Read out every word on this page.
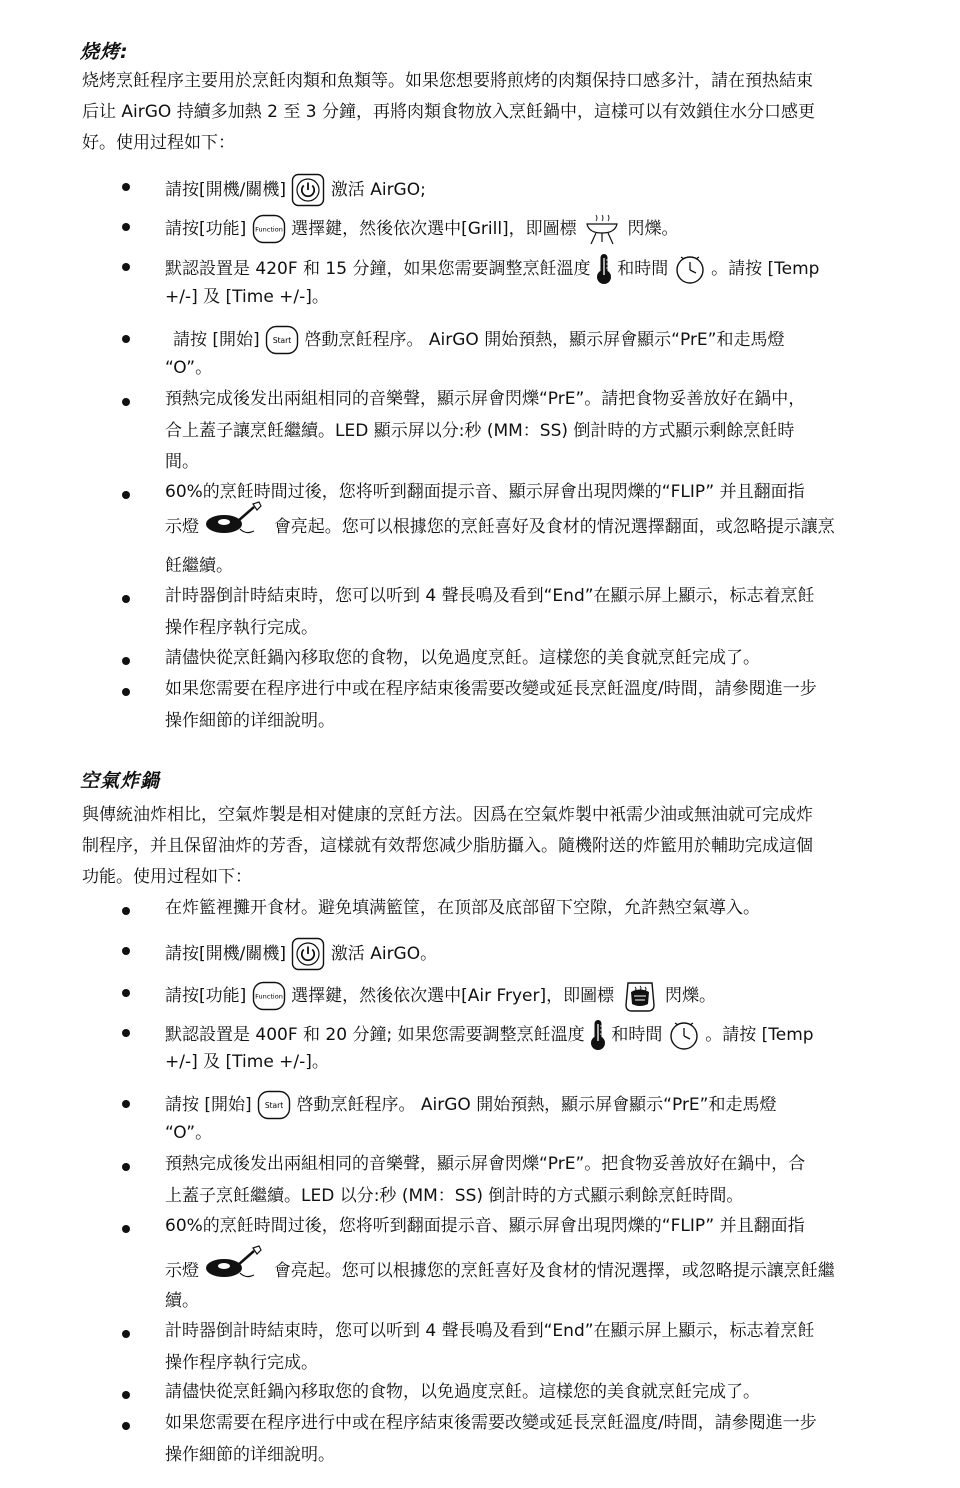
烧烤:
烧烤烹飪程序主要用於烹飪肉類和魚類等。如果您想要將煎烤的肉類保持口感多汁，請在預热結束
后让 AirGO 持續多加熱 2 至 3 分鐘，再將肉類食物放入烹飪鍋中，這樣可以有效鎖住水分口感更
好。使用过程如下：
請按[開機/關機]	激活 AirGO;
請按[功能] Function 選擇鍵，然後依次選中[Grill]，即圖標	閃爍。
默認設置是 420F 和 15 分鐘，如果您需要調整烹飪溫度 和時間	。請按 [Temp
+/-] 及 [Time +/-]。
請按 [開始] Start 啓動烹飪程序。 AirGO 開始預熱，顯示屏會顯示“PrE”和走馬燈
“O”。
預熱完成後发出兩組相同的音樂聲，顯示屏會閃爍“PrE”。請把食物妥善放好在鍋中，
合上蓋子讓烹飪繼續。LED 顯示屏以分:秒 (MM：SS) 倒計時的方式顯示剩餘烹飪時
間。
60%的烹飪時間过後，您将听到翻面提示音、顯示屏會出現閃爍的“FLIP” 并且翻面指
示燈	會亮起。您可以根據您的烹飪喜好及食材的情況選擇翻面，或忽略提示讓烹
飪繼續。
計時器倒計時結束時，您可以听到 4 聲長鳴及看到“End”在顯示屏上顯示，标志着烹飪
操作程序執行完成。
請儘快從烹飪鍋內移取您的食物，以免過度烹飪。這樣您的美食就烹飪完成了。
如果您需要在程序进行中或在程序結束後需要改變或延長烹飪溫度/時間，請參閱進一步
操作細節的详细說明。
空氣炸鍋
與傳統油炸相比，空氣炸製是相对健康的烹飪方法。因爲在空氣炸製中衹需少油或無油就可完成炸
制程序，并且保留油炸的芳香，這樣就有效帮您减少脂肪攝入。隨機附送的炸籃用於輔助完成這個
功能。使用过程如下：
在炸籃裡攤开食材。避免填满籃筐，在顶部及底部留下空隙，允許熱空氣導入。
請按[開機/關機]	激活 AirGO。
請按[功能] Function 選擇鍵，然後依次選中[Air Fryer]，即圖標	閃爍。
默認設置是 400F 和 20 分鐘; 如果您需要調整烹飪溫度 和時間	。請按 [Temp
+/-] 及 [Time +/-]。
請按 [開始] Start 啓動烹飪程序。 AirGO 開始預熱，顯示屏會顯示“PrE”和走馬燈
“O”。
預熱完成後发出兩組相同的音樂聲，顯示屏會閃爍“PrE”。把食物妥善放好在鍋中，合
上蓋子烹飪繼續。LED 以分:秒 (MM：SS) 倒計時的方式顯示剩餘烹飪時間。
60%的烹飪時間过後，您将听到翻面提示音、顯示屏會出現閃爍的“FLIP” 并且翻面指
示燈	會亮起。您可以根據您的烹飪喜好及食材的情況選擇，或忽略提示讓烹飪繼
續。
計時器倒計時結束時，您可以听到 4 聲長鳴及看到“End”在顯示屏上顯示，标志着烹飪
操作程序執行完成。
請儘快從烹飪鍋內移取您的食物，以免過度烹飪。這樣您的美食就烹飪完成了。
如果您需要在程序进行中或在程序結束後需要改變或延長烹飪溫度/時間，請參閱進一步
操作細節的详细說明。
